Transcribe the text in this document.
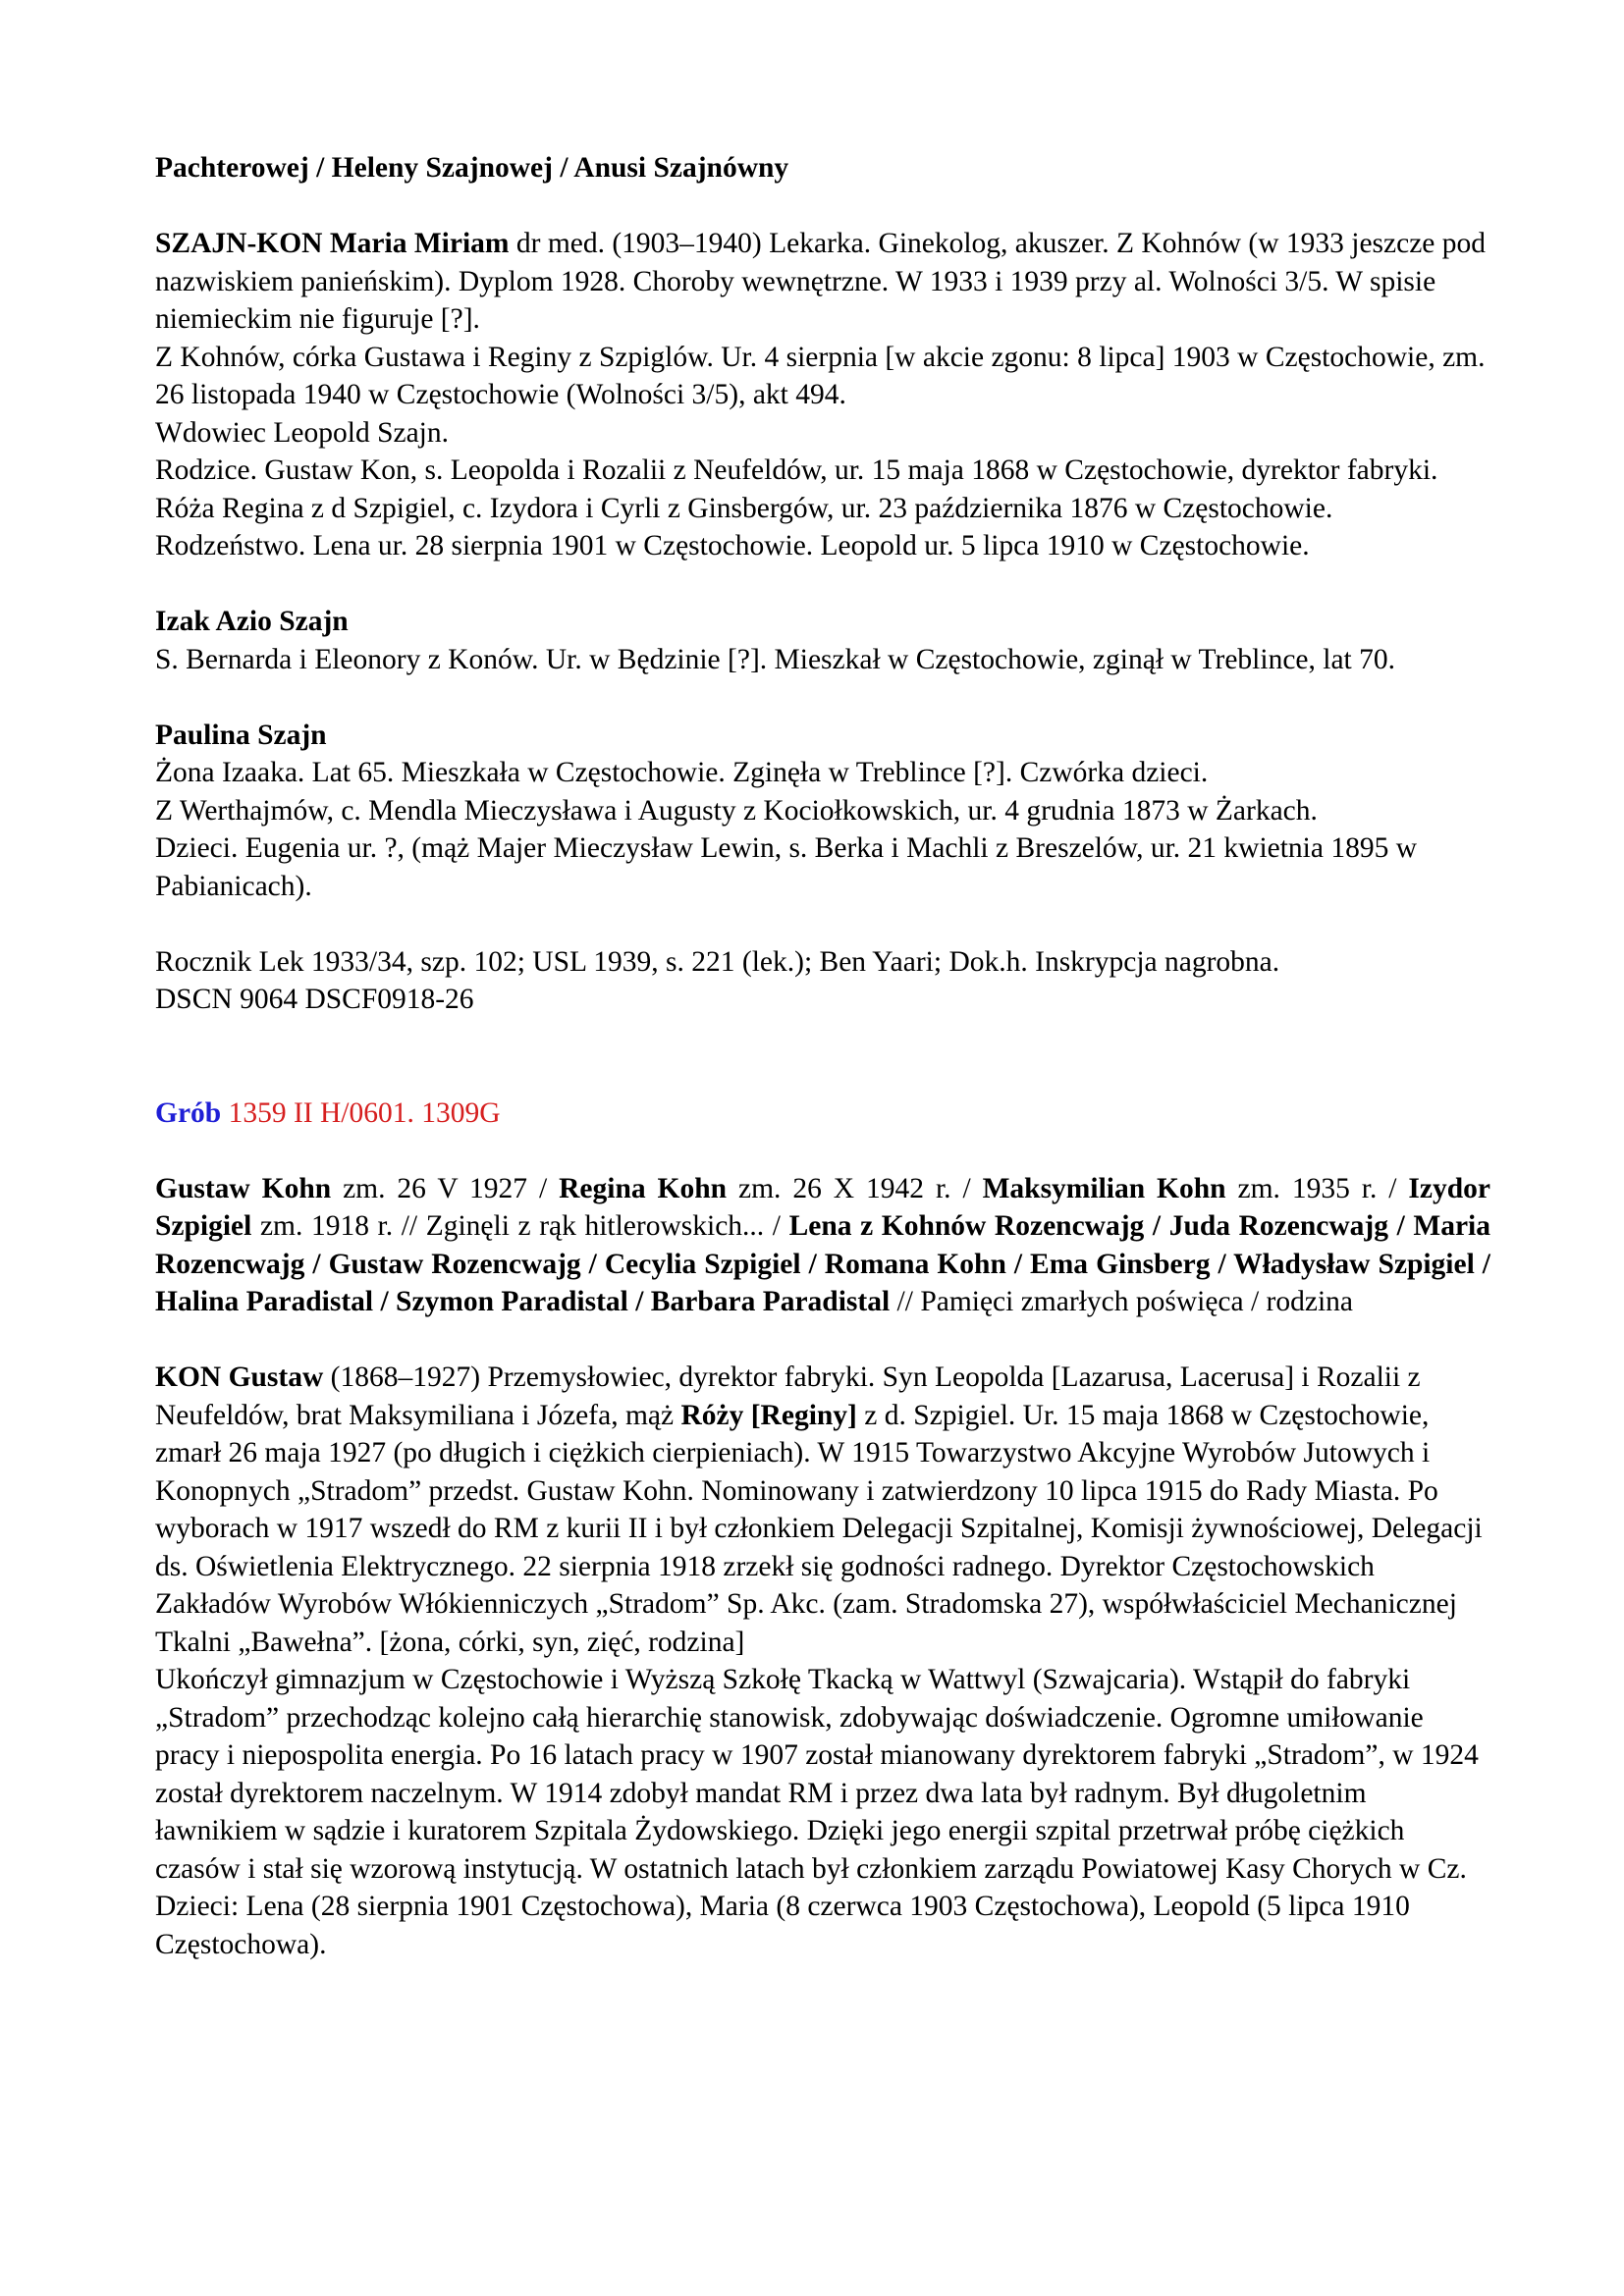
Pachterowej / Heleny Szajnowej / Anusi Szajnówny

SZAJN-KON Maria Miriam dr med. (1903–1940) Lekarka. Ginekolog, akuszer. Z Kohnów (w 1933 jeszcze pod nazwiskiem panieńskim). Dyplom 1928. Choroby wewnętrzne. W 1933 i 1939 przy al. Wolności 3/5. W spisie niemieckim nie figuruje [?].

Z Kohnów, córka Gustawa i Reginy z Szpiglów. Ur. 4 sierpnia [w akcie zgonu: 8 lipca] 1903 w Częstochowie, zm. 26 listopada 1940 w Częstochowie (Wolności 3/5), akt 494.

Wdowiec Leopold Szajn.

Rodzice. Gustaw Kon, s. Leopolda i Rozalii z Neufeldów, ur. 15 maja 1868 w Częstochowie, dyrektor fabryki. Róża Regina z d Szpigiel, c. Izydora i Cyrli z Ginsbergów, ur. 23 października 1876 w Częstochowie.

Rodzeństwo. Lena ur. 28 sierpnia 1901 w Częstochowie. Leopold ur. 5 lipca 1910 w Częstochowie.

Izak Azio Szajn

S. Bernarda i Eleonory z Konów. Ur. w Będzinie [?]. Mieszkał w Częstochowie, zginął w Treblince, lat 70.

Paulina Szajn

Żona Izaaka. Lat 65. Mieszkała w Częstochowie. Zginęła w Treblince [?]. Czwórka dzieci.

Z Werthajmów, c. Mendla Mieczysława i Augusty z Kociołkowskich, ur. 4 grudnia 1873 w Żarkach.

Dzieci. Eugenia ur. ?, (mąż Majer Mieczysław Lewin, s. Berka i Machli z Breszelów, ur. 21 kwietnia 1895 w Pabianicach).

Rocznik Lek 1933/34, szp. 102; USL 1939, s. 221 (lek.); Ben Yaari; Dok.h. Inskrypcja nagrobna.

DSCN 9064 DSCF0918-26

Grób 1359 II H/0601. 1309G

Gustaw Kohn zm. 26 V 1927 / Regina Kohn zm. 26 X 1942 r. / Maksymilian Kohn zm. 1935 r. / Izydor Szpigiel zm. 1918 r. // Zginęli z rąk hitlerowskich... / Lena z Kohnów Rozencwajg / Juda Rozencwajg / Maria Rozencwajg / Gustaw Rozencwajg / Cecylia Szpigiel / Romana Kohn / Ema Ginsberg / Władysław Szpigiel / Halina Paradistal / Szymon Paradistal / Barbara Paradistal // Pamięci zmarłych poświęca / rodzina

KON Gustaw (1868–1927) Przemysłowiec, dyrektor fabryki. Syn Leopolda [Lazarusa, Lacerusa] i Rozalii z Neufeldów, brat Maksymiliana i Józefa, mąż Róży [Reginy] z d. Szpigiel. Ur. 15 maja 1868 w Częstochowie, zmarł 26 maja 1927 (po długich i ciężkich cierpieniach). W 1915 Towarzystwo Akcyjne Wyrobów Jutowych i Konopnych „Stradom” przedst. Gustaw Kohn. Nominowany i zatwierdzony 10 lipca 1915 do Rady Miasta. Po wyborach w 1917 wszedł do RM z kurii II i był członkiem Delegacji Szpitalnej, Komisji żywnościowej, Delegacji ds. Oświetlenia Elektrycznego. 22 sierpnia 1918 zrzekł się godności radnego. Dyrektor Częstochowskich Zakładów Wyrobów Włókienniczych „Stradom” Sp. Akc. (zam. Stradomska 27), współwłaściciel Mechanicznej Tkalni „Bawełna”. [żona, córki, syn, zięć, rodzina]

Ukończył gimnazjum w Częstochowie i Wyższą Szkołę Tkacką w Wattwyl (Szwajcaria). Wstąpił do fabryki „Stradom” przechodząc kolejno całą hierarchię stanowisk, zdobywając doświadczenie. Ogromne umiłowanie pracy i niepospolita energia. Po 16 latach pracy w 1907 został mianowany dyrektorem fabryki „Stradom”, w 1924 został dyrektorem naczelnym. W 1914 zdobył mandat RM i przez dwa lata był radnym. Był długoletnim ławnikiem w sądzie i kuratorem Szpitala Żydowskiego. Dzięki jego energii szpital przetrwał próbę ciężkich czasów i stał się wzorową instytucją. W ostatnich latach był członkiem zarządu Powiatowej Kasy Chorych w Cz. Dzieci: Lena (28 sierpnia 1901 Częstochowa), Maria (8 czerwca 1903 Częstochowa), Leopold (5 lipca 1910 Częstochowa).
